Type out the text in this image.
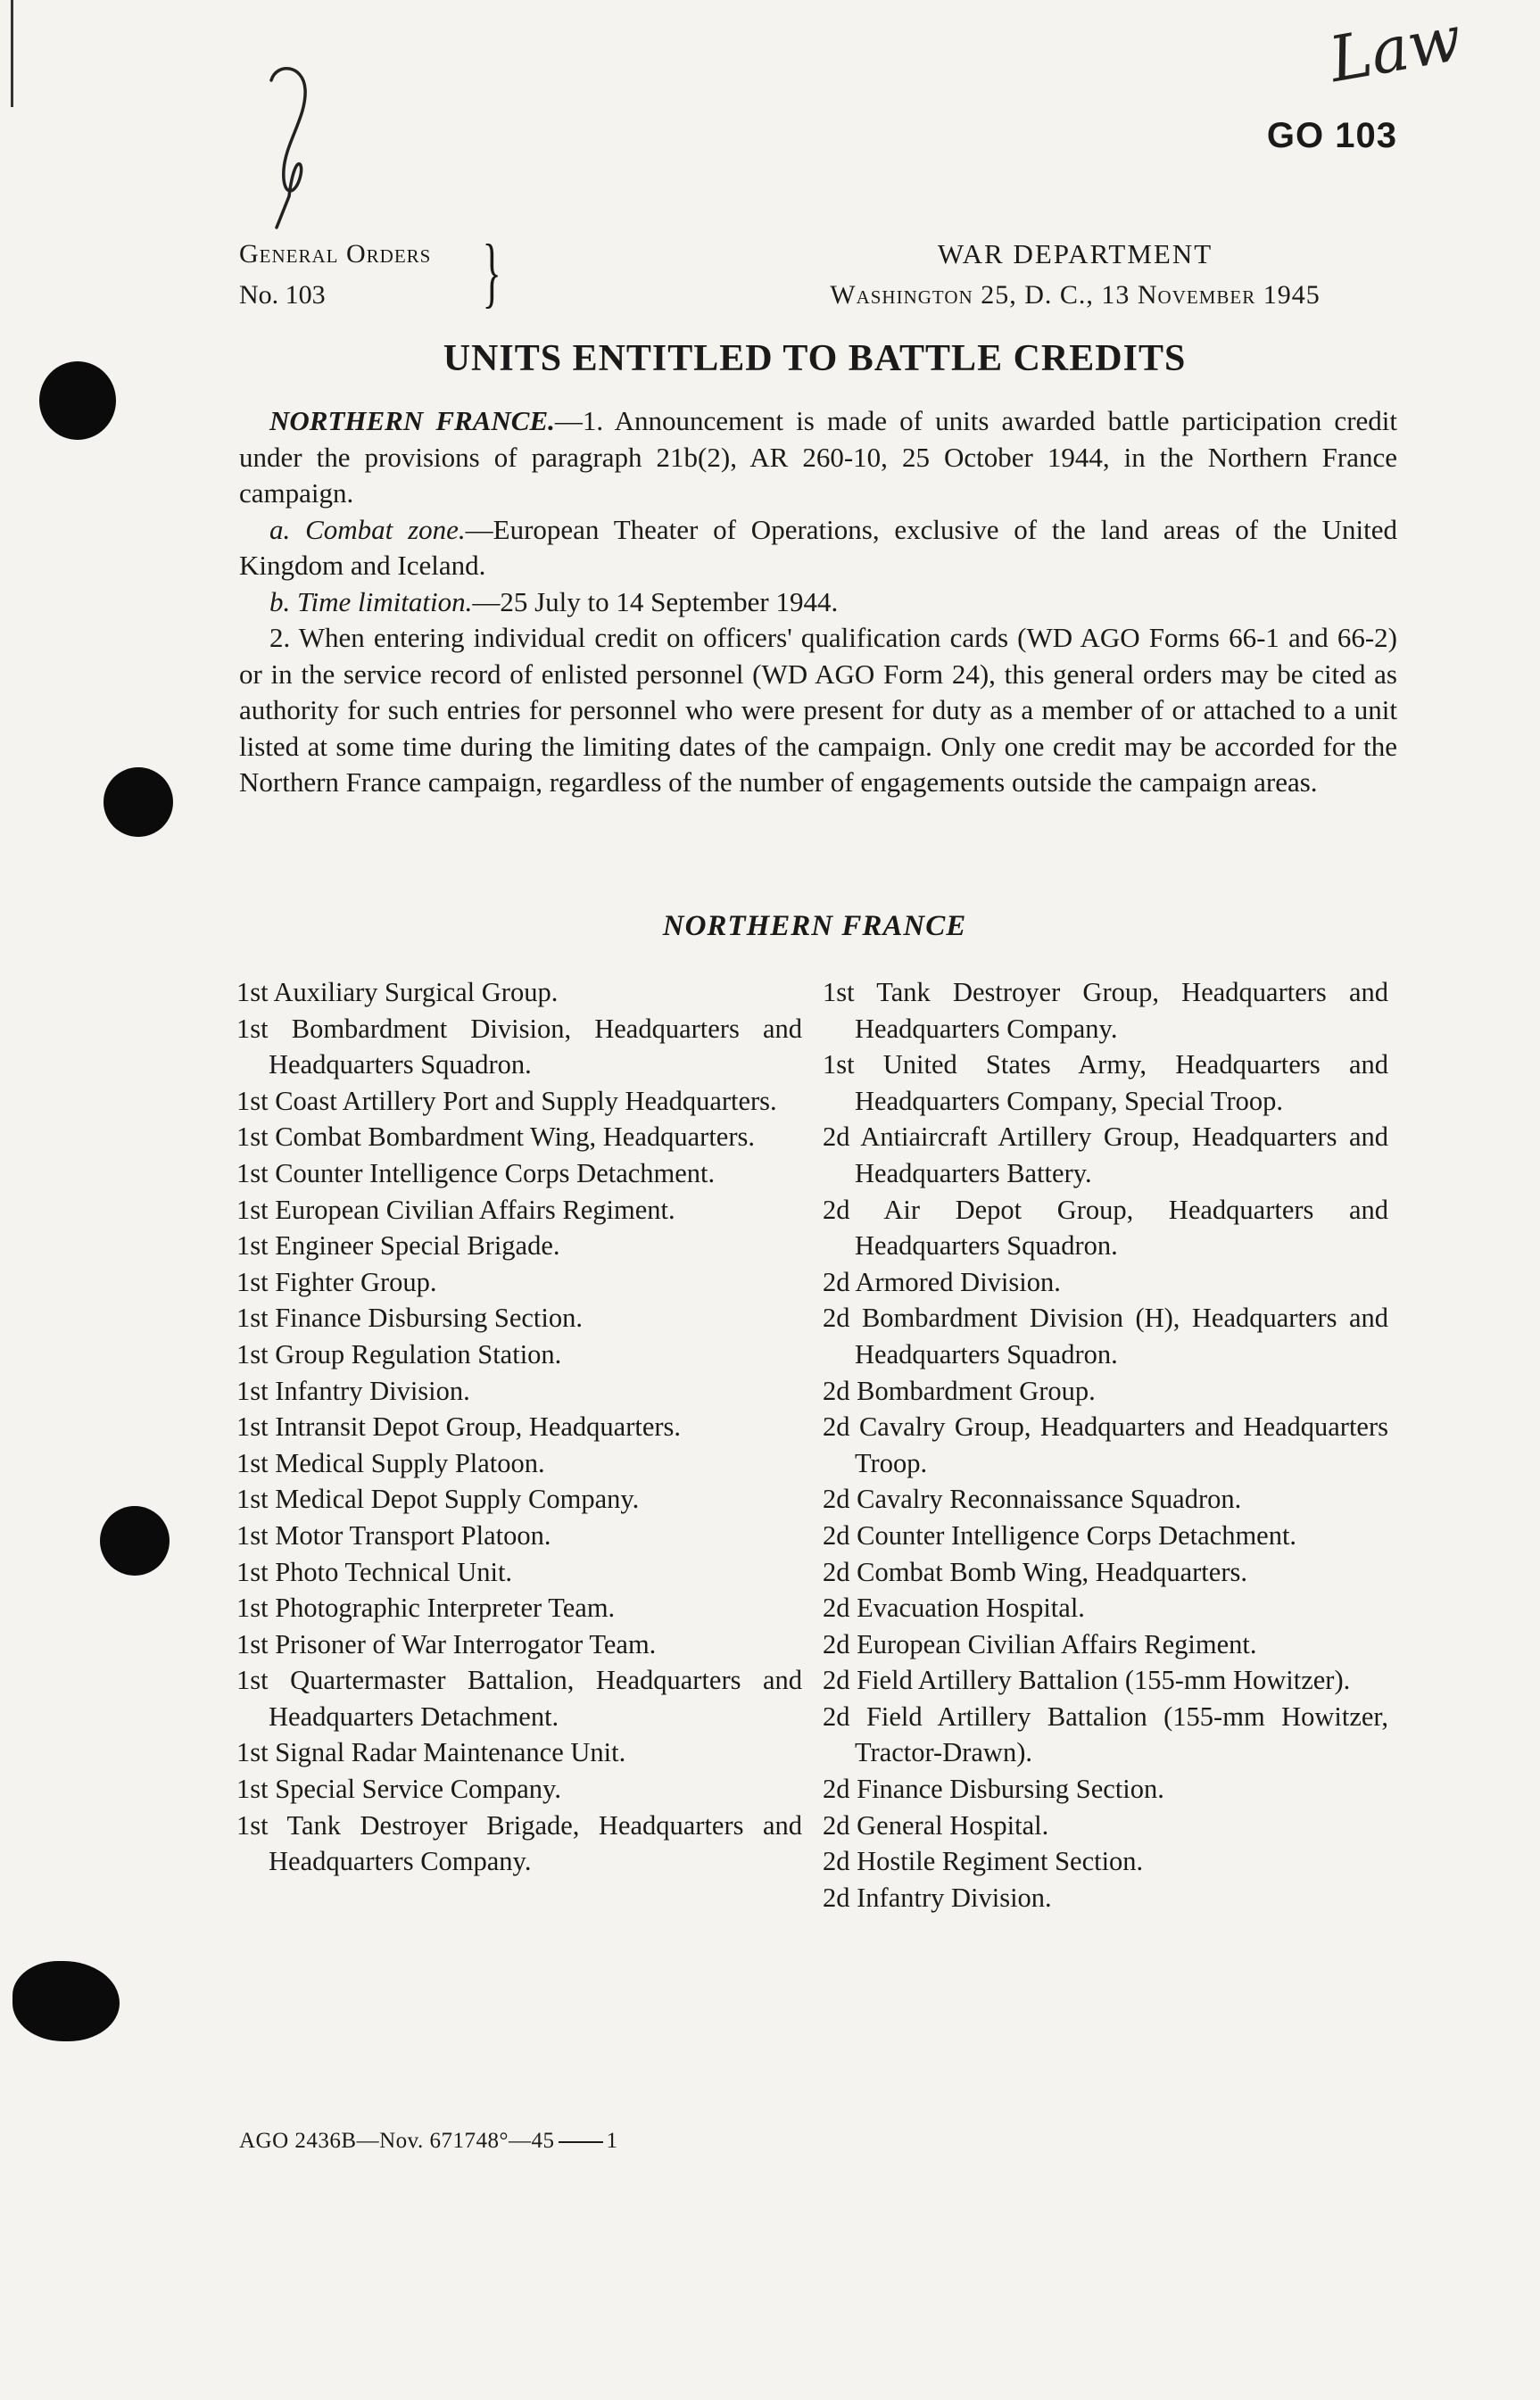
Law
GO 103
General Orders
No. 103	}	WAR DEPARTMENT
Washington 25, D. C., 13 November 1945
UNITS ENTITLED TO BATTLE CREDITS

NORTHERN FRANCE.—1. Announcement is made of units awarded battle participation credit under the provisions of paragraph 21b(2), AR 260-10, 25 October 1944, in the Northern France campaign.

a. Combat zone.—European Theater of Operations, exclusive of the land areas of the United Kingdom and Iceland.

b. Time limitation.—25 July to 14 September 1944.

2. When entering individual credit on officers' qualification cards (WD AGO Forms 66-1 and 66-2) or in the service record of enlisted personnel (WD AGO Form 24), this general orders may be cited as authority for such entries for personnel who were present for duty as a member of or attached to a unit listed at some time during the limiting dates of the campaign. Only one credit may be accorded for the Northern France campaign, regardless of the number of engagements outside the campaign areas.

NORTHERN FRANCE
1st Auxiliary Surgical Group.
1st Bombardment Division, Headquarters and Headquarters Squadron.
1st Coast Artillery Port and Supply Headquarters.
1st Combat Bombardment Wing, Headquarters.
1st Counter Intelligence Corps Detachment.
1st European Civilian Affairs Regiment.
1st Engineer Special Brigade.
1st Fighter Group.
1st Finance Disbursing Section.
1st Group Regulation Station.
1st Infantry Division.
1st Intransit Depot Group, Headquarters.
1st Medical Supply Platoon.
1st Medical Depot Supply Company.
1st Motor Transport Platoon.
1st Photo Technical Unit.
1st Photographic Interpreter Team.
1st Prisoner of War Interrogator Team.
1st Quartermaster Battalion, Headquarters and Headquarters Detachment.
1st Signal Radar Maintenance Unit.
1st Special Service Company.
1st Tank Destroyer Brigade, Headquarters and Headquarters Company.
1st Tank Destroyer Group, Headquarters and Headquarters Company.
1st United States Army, Headquarters and Headquarters Company, Special Troop.
2d Antiaircraft Artillery Group, Headquarters and Headquarters Battery.
2d Air Depot Group, Headquarters and Headquarters Squadron.
2d Armored Division.
2d Bombardment Division (H), Headquarters and Headquarters Squadron.
2d Bombardment Group.
2d Cavalry Group, Headquarters and Headquarters Troop.
2d Cavalry Reconnaissance Squadron.
2d Counter Intelligence Corps Detachment.
2d Combat Bomb Wing, Headquarters.
2d Evacuation Hospital.
2d European Civilian Affairs Regiment.
2d Field Artillery Battalion (155-mm Howitzer).
2d Field Artillery Battalion (155-mm Howitzer, Tractor-Drawn).
2d Finance Disbursing Section.
2d General Hospital.
2d Hostile Regiment Section.
2d Infantry Division.
AGO 2436B—Nov. 671748°—45 1
